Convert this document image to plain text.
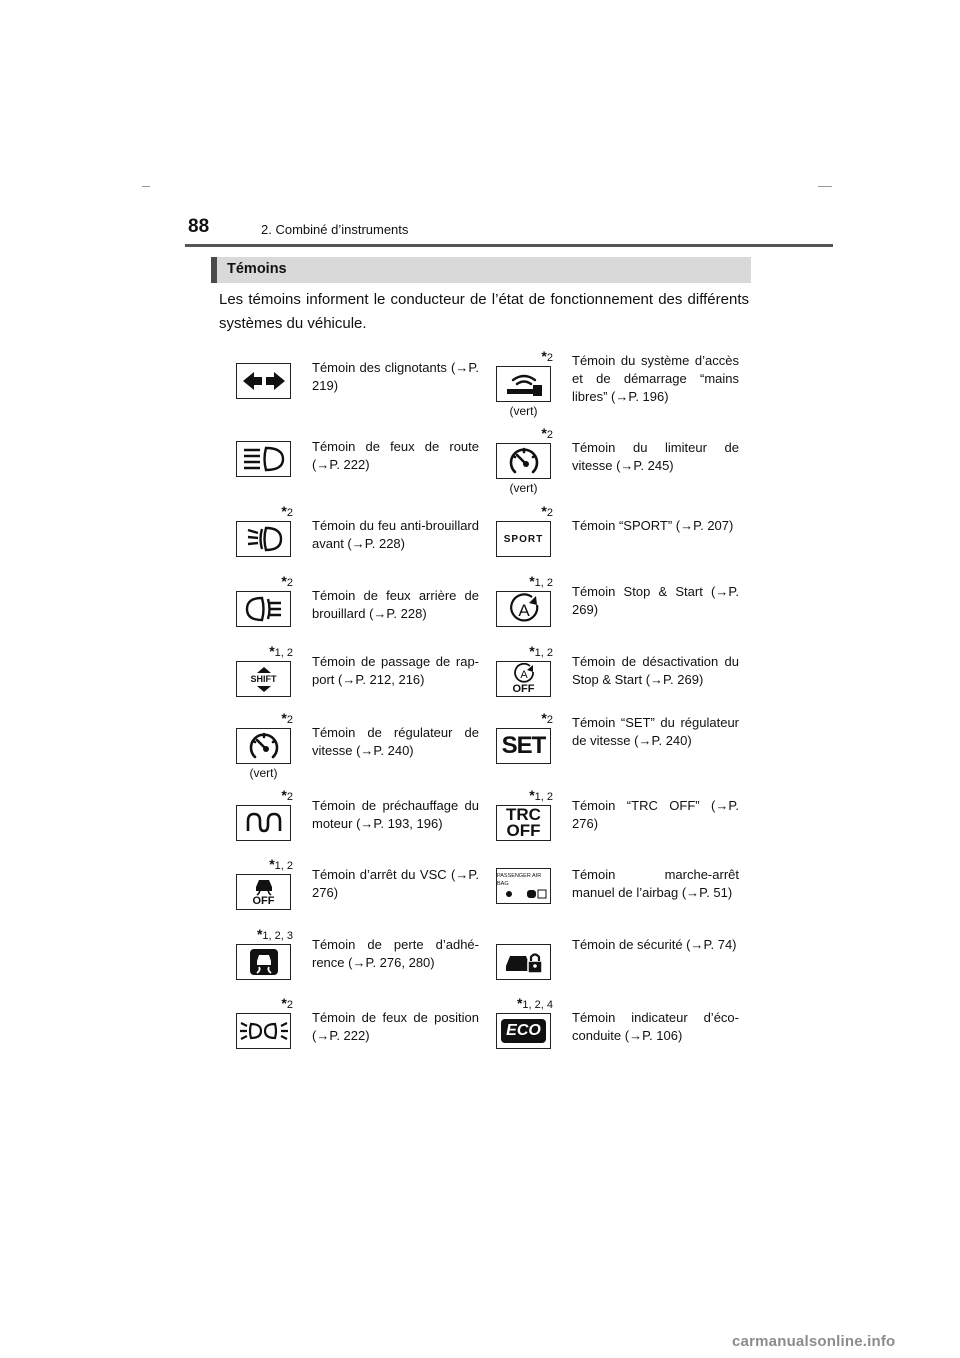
88	2. Combiné d’instruments
Témoins
Les témoins informent le conducteur de l’état de fonctionnement des différents systèmes du véhicule.
Témoin des clignotants (→P. 219)
Témoin de feux de route (→P. 222)
*2
Témoin du feu anti-brouillard avant (→P. 228)
*2
Témoin de feux arrière de brouillard (→P. 228)
*1, 2
SHIFT
Témoin de passage de rap-port (→P. 212, 216)
*2
(vert)
Témoin de régulateur de vitesse (→P. 240)
*2
Témoin de préchauffage du moteur (→P. 193, 196)
*1, 2
OFF
Témoin d’arrêt du VSC (→P. 276)
*1, 2, 3
Témoin de perte d’adhé-rence (→P. 276, 280)
*2
Témoin de feux de position (→P. 222)
*2
(vert)
Témoin du système d’accès et de démarrage “mains libres” (→P. 196)
*2
(vert)
Témoin du limiteur de vitesse (→P. 245)
*2
SPORT
Témoin “SPORT” (→P. 207)
*1, 2
A
Témoin Stop & Start (→P. 269)
*1, 2
A
OFF
Témoin de désactivation du Stop & Start (→P. 269)
*2
SET
Témoin “SET” du régulateur de vitesse (→P. 240)
*1, 2
TRC
OFF
Témoin “TRC OFF” (→P. 276)
PASSENGER AIR BAG
Témoin marche-arrêt manuel de l’airbag (→P. 51)
Témoin de sécurité (→P. 74)
*1, 2, 4
ECO
Témoin indicateur d’éco-conduite (→P. 106)
carmanualsonline.info
